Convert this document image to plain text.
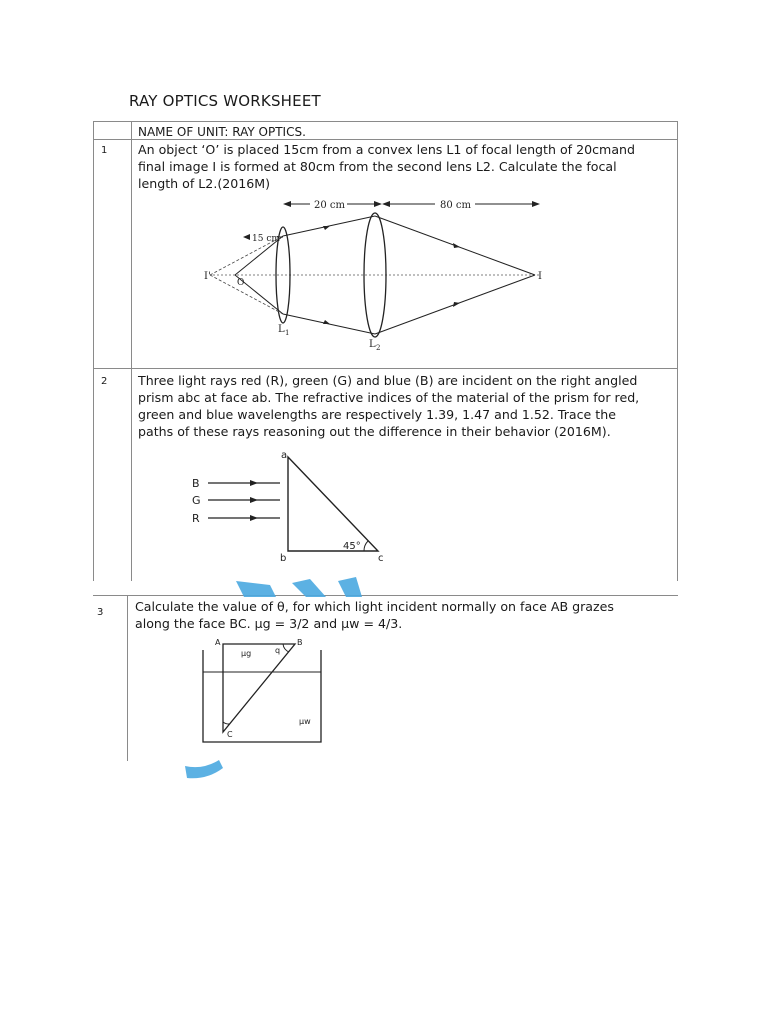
RAY OPTICS WORKSHEET
NAME OF UNIT: RAY OPTICS.
1 An object ‘O’ is placed 15cm from a convex lens L1 of focal length of 20cmand final image I is formed at 80cm from the second lens L2. Calculate the focal length of L2.(2016M)
20 cm	80 cm
15 cm
I'
O
I
L 1
L 2
2 Three light rays red (R), green (G) and blue (B) are incident on the right angled prism abc at face ab. The refractive indices of the material of the prism for red, green and blue wavelengths are respectively 1.39, 1.47 and 1.52. Trace the paths of these rays reasoning out the difference in their behavior (2016M).
B
G
R
a
b	c
45°
3	Calculate the value of θ, for which light incident normally on face AB grazes along the face BC. μg = 3/2 and μw = 4/3.
A	B
C
q
μg
μw
